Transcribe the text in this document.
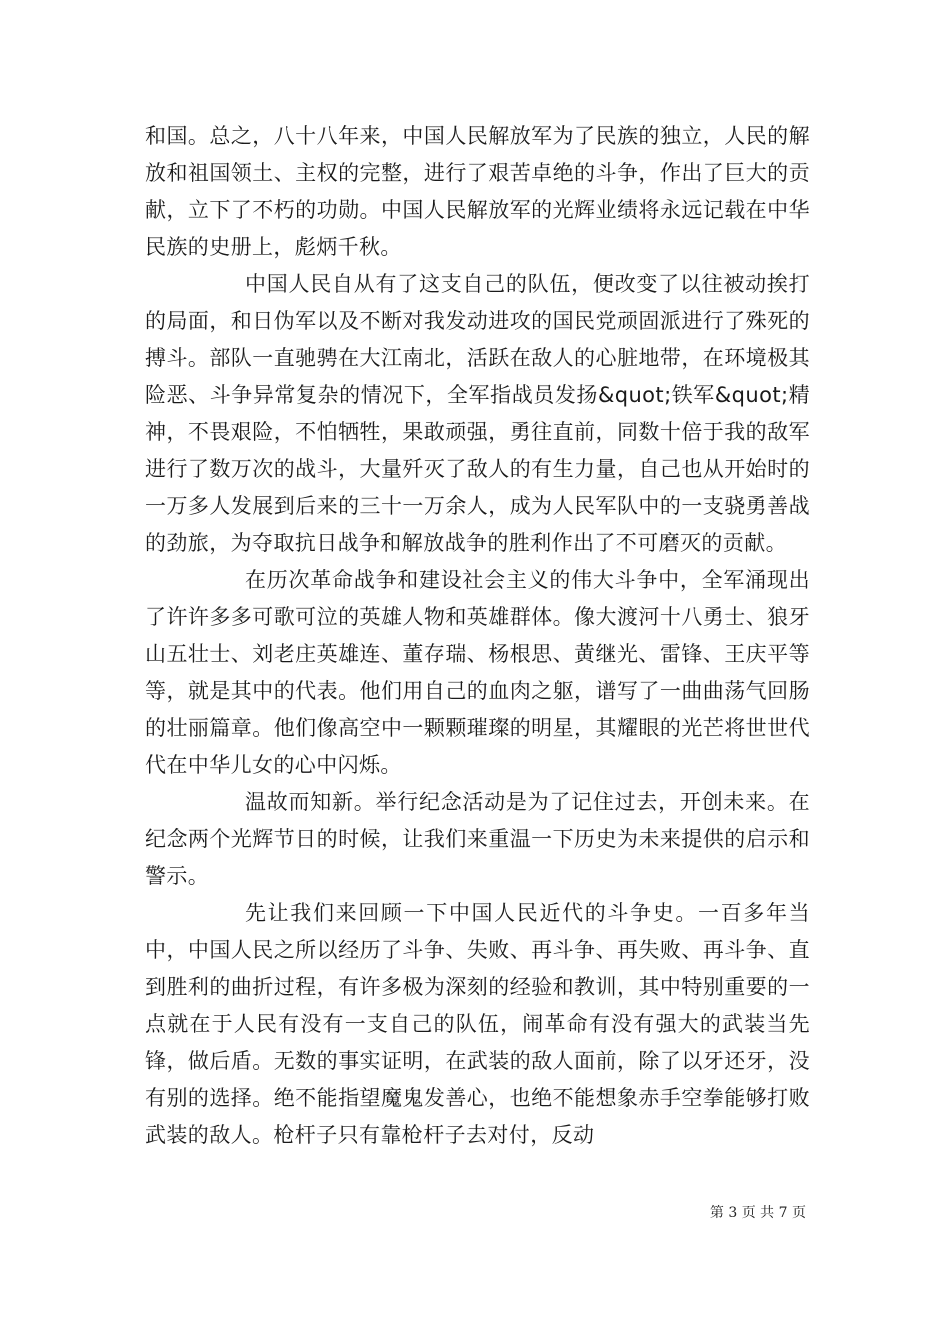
和国。总之，八十八年来，中国人民解放军为了民族的独立，人民的解放和祖国领土、主权的完整，进行了艰苦卓绝的斗争，作出了巨大的贡献，立下了不朽的功勋。中国人民解放军的光辉业绩将永远记载在中华民族的史册上，彪炳千秋。

中国人民自从有了这支自己的队伍，便改变了以往被动挨打的局面，和日伪军以及不断对我发动进攻的国民党顽固派进行了殊死的搏斗。部队一直驰骋在大江南北，活跃在敌人的心脏地带，在环境极其险恶、斗争异常复杂的情况下，全军指战员发扬&quot;铁军&quot;精神，不畏艰险，不怕牺牲，果敢顽强，勇往直前，同数十倍于我的敌军进行了数万次的战斗，大量歼灭了敌人的有生力量，自己也从开始时的一万多人发展到后来的三十一万余人，成为人民军队中的一支骁勇善战的劲旅，为夺取抗日战争和解放战争的胜利作出了不可磨灭的贡献。

在历次革命战争和建设社会主义的伟大斗争中，全军涌现出了许许多多可歌可泣的英雄人物和英雄群体。像大渡河十八勇士、狼牙山五壮士、刘老庄英雄连、董存瑞、杨根思、黄继光、雷锋、王庆平等等，就是其中的代表。他们用自己的血肉之躯，谱写了一曲曲荡气回肠的壮丽篇章。他们像高空中一颗颗璀璨的明星，其耀眼的光芒将世世代代在中华儿女的心中闪烁。

温故而知新。举行纪念活动是为了记住过去，开创未来。在纪念两个光辉节日的时候，让我们来重温一下历史为未来提供的启示和警示。

先让我们来回顾一下中国人民近代的斗争史。一百多年当中，中国人民之所以经历了斗争、失败、再斗争、再失败、再斗争、直到胜利的曲折过程，有许多极为深刻的经验和教训，其中特别重要的一点就在于人民有没有一支自己的队伍，闹革命有没有强大的武装当先锋，做后盾。无数的事实证明，在武装的敌人面前，除了以牙还牙，没有别的选择。绝不能指望魔鬼发善心，也绝不能想象赤手空拳能够打败武装的敌人。枪杆子只有靠枪杆子去对付，反动

第 3 页 共 7 页
